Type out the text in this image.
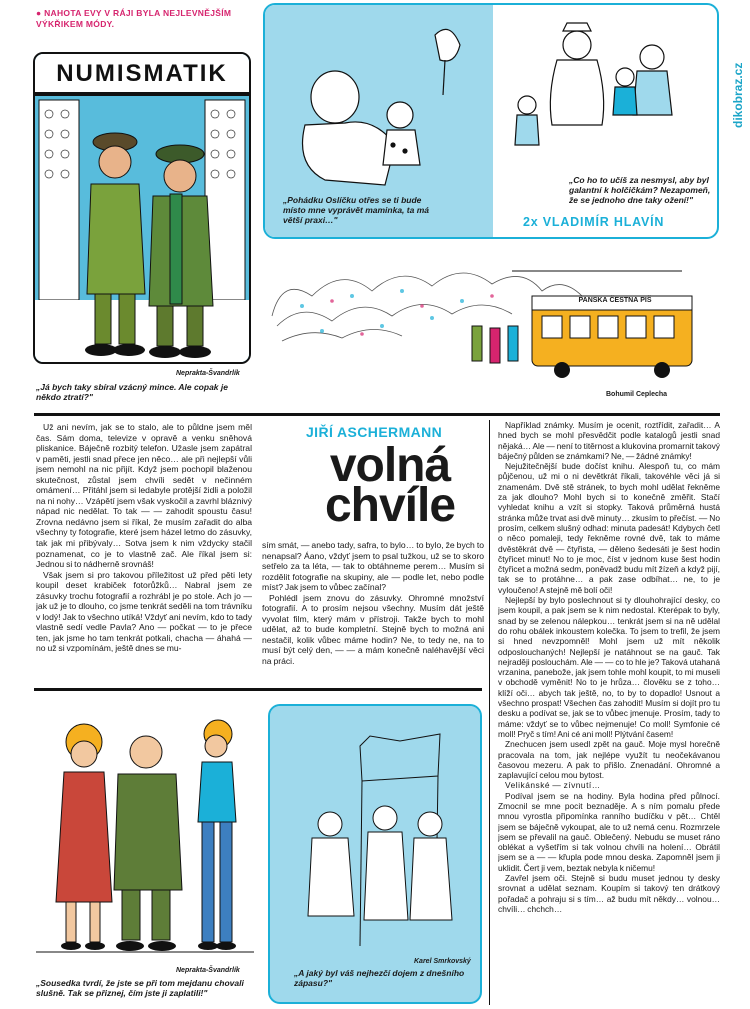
● NAHOTA EVY V RÁJI BYLA NEJLEVNĚJŠÍM VÝKŘIKEM MÓDY.
NUMISMATIK
Neprakta-Švandrlík
„Já bych taky sbíral vzácný mince. Ale copak je někdo ztratí?"
„Pohádku Oslíčku otřes se ti bude místo mne vyprávět maminka, ta má větší praxi…"
„Co ho to učíš za nesmysl, aby byl galantní k holčičkám? Nezapomeň, že se jednoho dne taky ožení!"
2x VLADIMÍR HLAVÍN
dikobraz.cz
PANSKÁ ČESTNÁ PÍŠ
Bohumil Ceplecha
JIŘÍ ASCHERMANN
volná
chvíle

Už ani nevím, jak se to stalo, ale to půldne jsem měl čas. Sám doma, televize v opravě a venku sněhová pliskanice. Báječně rozbitý telefon. Užasle jsem zapátral v paměti, jestli snad přece jen něco… ale při nejlepší vůli jsem nemohl na nic přijít. Když jsem pochopil blaženou skutečnost, zůstal jsem chvíli sedět v nečinném omámení… Přitáhl jsem si ledabyle protější židli a položil na ni nohy… Vzápětí jsem však vyskočil a zavrhl bláznivý nápad nic nedělat. To tak — — zahodit spoustu času! Zrovna nedávno jsem si říkal, že musím zařadit do alba všechny ty fotografie, které jsem házel letmo do zásuvky, tak jak mi přibývaly… Sotva jsem k nim vždycky stačil poznamenat, co je to vlastně zač. Ale říkal jsem si: Jednou si to nádherně srovnáš!

Však jsem si pro takovou příležitost už před pěti lety koupil deset krabiček fotorůžků… Nabral jsem ze zásuvky trochu fotografií a rozhrábl je po stole. Ach jo — jak už je to dlouho, co jsme tenkrát seděli na tom trávníku v lodý! Jak to všechno utíká! Vždyť ani nevím, kdo to tady vlastně sedí vedle Pavla? Ano — počkat — to je přece ten, jak jsme ho tam tenkrát potkali, chacha — áhahá — no už si vzpomínám, ještě dnes se mu-

sím smát, — anebo tady, safra, to bylo… to bylo, že bych to nenapsal? Áano, vždyť jsem to psal tužkou, už se to skoro setřelo za ta léta, — tak to obtáhneme perem… Musím si rozdělit fotografie na skupiny, ale — podle let, nebo podle míst? Jak jsem to vůbec začínal?

Pohlédl jsem znovu do zásuvky. Ohromné množství fotografií. A to prosím nejsou všechny. Musím dát ještě vyvolat film, který mám v přístroji. Takže bych to mohl udělat, až to bude kompletní. Stejně bych to možná ani nestačil, kolik vůbec máme hodin? Ne, to tedy ne, na to musí být celý den, — — a mám konečně naléhavější věci na práci.

Například známky. Musím je ocenit, roztřídit, zařadit… A hned bych se mohl přesvědčit podle katalogů jestli snad nějaká… Ale — není to titěrnost a klukovina promarnit takový báječný půlden se známkami? Ne, — žádné známky!

Nejužitečnější bude dočíst knihu. Alespoň tu, co mám půjčenou, už mi o ni devětkrát říkali, takovéhle věci já si znamenám. Dvě stě stránek, to bych mohl udělat řekněme za jak dlouho? Mohl bych si to konečně změřit. Stačí vyhledat knihu a vzít si stopky. Taková průměrná hustá stránka může trvat asi dvě minuty… zkusím to přečíst. — No prosím, celkem slušný odhad: minuta padesát! Kdybych četl o něco pomaleji, tedy řekněme rovné dvě, tak to máme dvěstěkrát dvě — čtyřista, — děleno šedesáti je šest hodin čtyřicet minut! No to je moc, číst v jednom kuse šest hodin čtyřicet a možná sedm, poněvadž budu mít žízeň a když pijí, tak se to protáhne… a pak zase odbíhat… ne, to je vyloučeno! A stejně mě bolí oči!

Nejlepší by bylo poslechnout si ty dlouhohrající desky, co jsem koupil, a pak jsem se k nim nedostal. Kterépak to byly, snad by se zelenou nálepkou… tenkrát jsem si na ně udělal do rohu obálek inkoustem kolečka. To jsem to trefil, že jsem si hned nevzpomněl! Mohl jsem už mít několik odposlouchaných! Nejlepší je natáhnout se na gauč. Tak nejraději poslouchám. Ale — — co to hle je? Taková utahaná vrzanina, panebože, jak jsem tohle mohl koupit, to mi museli v obchodě vyměnit! No to je hrůza… člověku se z toho… klíží oči… abych tak ještě, no, to by to dopadlo! Usnout a všechno prospat! Všechen čas zahodit! Musím si dojít pro tu desku a podívat se, jak se to vůbec jmenuje. Prosím, tady to máme: vždyť se to vůbec nejmenuje! Co moll! Symfonie cé moll! Pryč s tím! Ani cé ani moll! Plýtvání časem!

Znechucen jsem usedl zpět na gauč. Moje mysl horečně pracovala na tom, jak nejlépe využít tu neočekávanou časovou mezeru. A pak to přišlo. Znenadání. Ohromné a zaplavující celou mou bytost.

Velikánské — zívnutí…

Podíval jsem se na hodiny. Byla hodina před půlnocí. Zmocnil se mne pocit beznaděje. A s ním pomalu přede mnou vyrostla připomínka ranního budíčku v pět… Chtěl jsem se báječně vykoupat, ale to už nemá cenu. Rozmrzele jsem se převalil na gauč. Oblečený. Nebudu se muset ráno oblékat a vyšetřím si tak volnou chvíli na holení… Obrátil jsem se a — — křupla pode mnou deska. Zapomněl jsem ji uklidit. Čert ji vem, beztak nebyla k ničemu!

Zavřel jsem oči. Stejně si budu muset jednou ty desky srovnat a udělat seznam. Koupím si takový ten drátkový pořadač a pohraju si s tím… až budu mít někdy… volnou… chvíli… chchch…

Neprakta-Švandrlík
„Sousedka tvrdí, že jste se při tom mejdanu chovali slušně. Tak se přiznej, čím jste ji zaplatili!"
Karel Smrkovský
„A jaký byl váš nejhezčí dojem z dnešního zápasu?"
